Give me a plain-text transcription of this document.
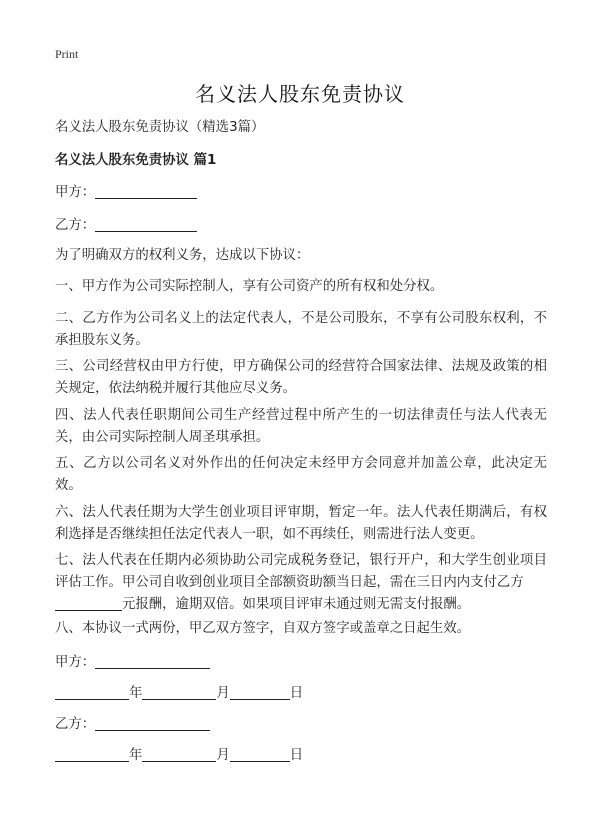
Print
名义法人股东免责协议
名义法人股东免责协议（精选3篇）
名义法人股东免责协议 篇1
甲方：
乙方：
为了明确双方的权利义务，达成以下协议：
一、甲方作为公司实际控制人，享有公司资产的所有权和处分权。
二、乙方作为公司名义上的法定代表人，不是公司股东，不享有公司股东权利，不承担股东义务。
三、公司经营权由甲方行使，甲方确保公司的经营符合国家法律、法规及政策的相关规定，依法纳税并履行其他应尽义务。
四、法人代表任职期间公司生产经营过程中所产生的一切法律责任与法人代表无关，由公司实际控制人周圣琪承担。
五、乙方以公司名义对外作出的任何决定未经甲方会同意并加盖公章，此决定无效。
六、法人代表任期为大学生创业项目评审期，暂定一年。法人代表任期满后，有权利选择是否继续担任法定代表人一职，如不再续任，则需进行法人变更。
七、法人代表在任期内必须协助公司完成税务登记，银行开户，和大学生创业项目评估工作。甲公司自收到创业项目全部额资助额当日起，需在三日内内支付乙方
元报酬，逾期双倍。如果项目评审未通过则无需支付报酬。
八、本协议一式两份，甲乙双方签字，自双方签字或盖章之日起生效。
甲方：
年	月	日
乙方：
年	月	日
